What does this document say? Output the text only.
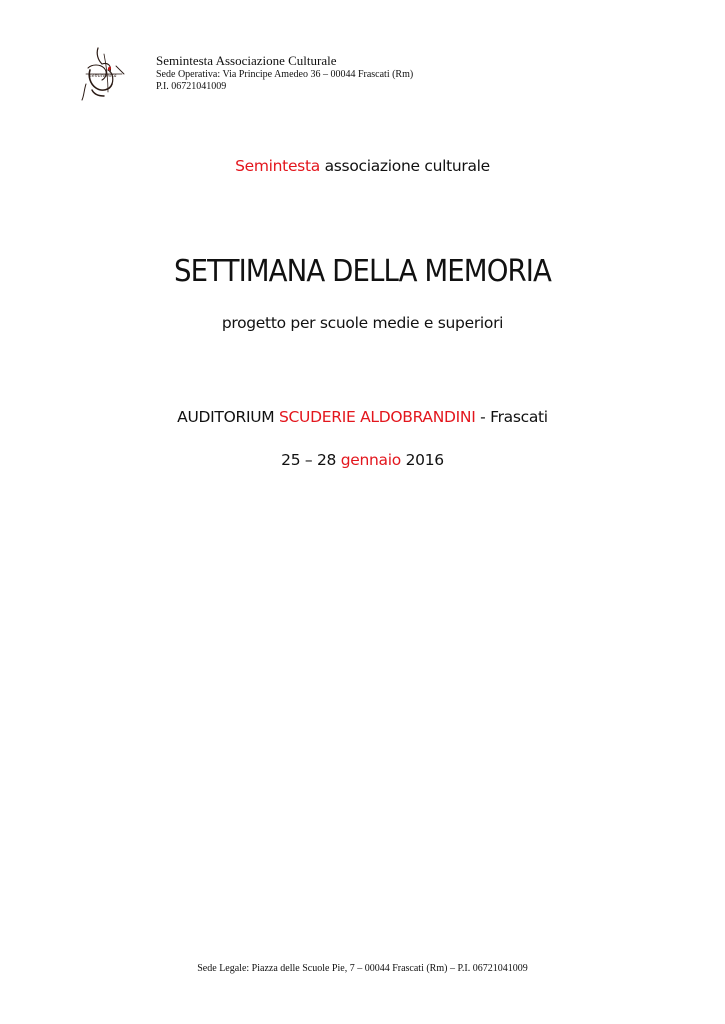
semintesta
Semintesta Associazione Culturale
Sede Operativa: Via Principe Amedeo 36 – 00044 Frascati (Rm)
P.I. 06721041009
Semintesta associazione culturale
SETTIMANA DELLA MEMORIA
progetto per scuole medie e superiori
AUDITORIUM SCUDERIE ALDOBRANDINI - Frascati
25 – 28 gennaio 2016
Sede Legale: Piazza delle Scuole Pie, 7 – 00044 Frascati (Rm) – P.I. 06721041009
